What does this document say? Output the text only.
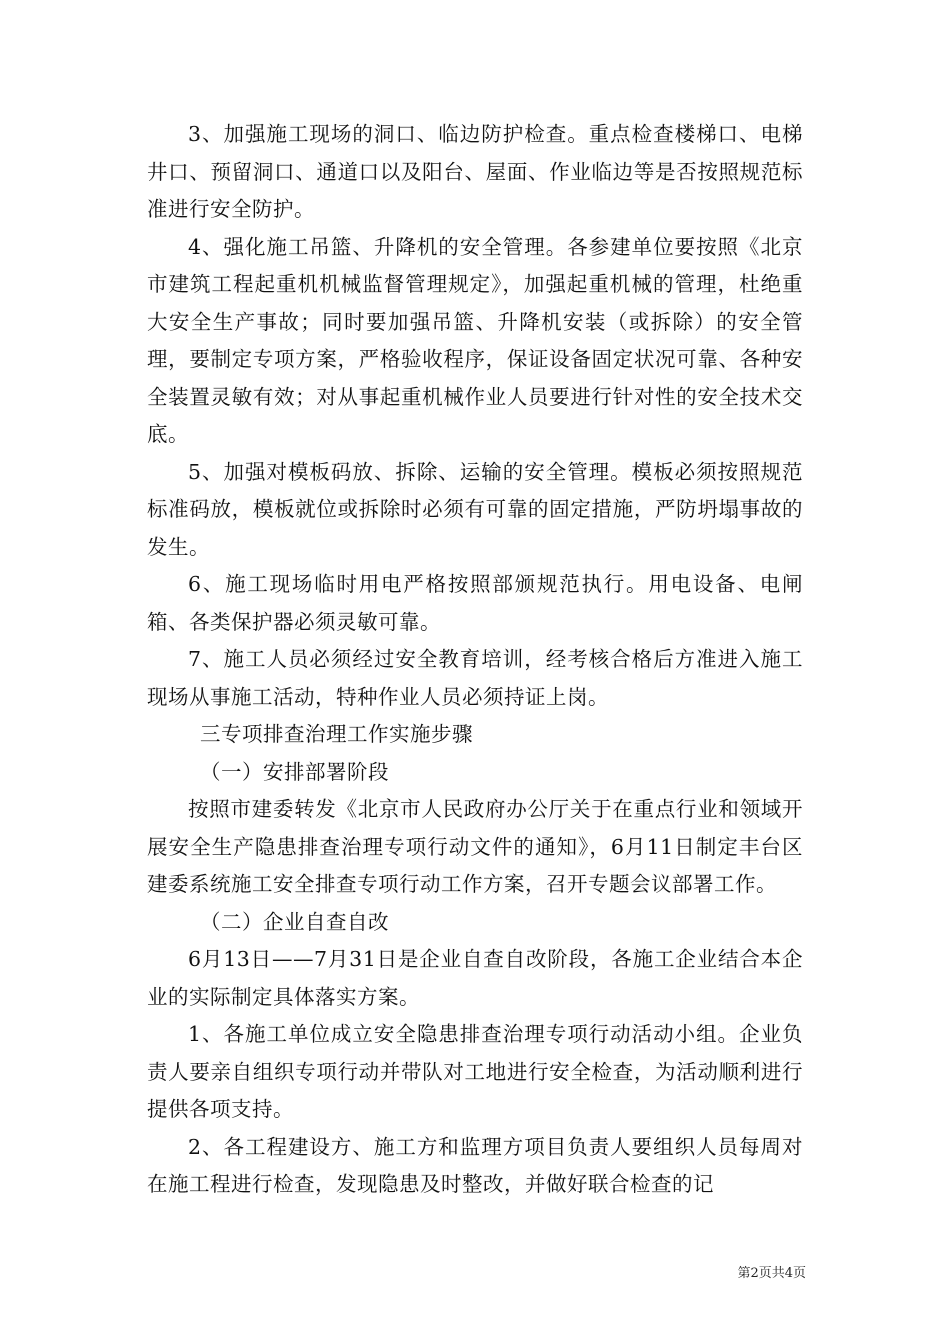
3、加强施工现场的洞口、临边防护检查。重点检查楼梯口、电梯井口、预留洞口、通道口以及阳台、屋面、作业临边等是否按照规范标准进行安全防护。

4、强化施工吊篮、升降机的安全管理。各参建单位要按照《北京市建筑工程起重机机械监督管理规定》，加强起重机械的管理，杜绝重大安全生产事故；同时要加强吊篮、升降机安装（或拆除）的安全管理，要制定专项方案，严格验收程序，保证设备固定状况可靠、各种安全装置灵敏有效；对从事起重机械作业人员要进行针对性的安全技术交底。

5、加强对模板码放、拆除、运输的安全管理。模板必须按照规范标准码放，模板就位或拆除时必须有可靠的固定措施，严防坍塌事故的发生。

6、施工现场临时用电严格按照部颁规范执行。用电设备、电闸箱、各类保护器必须灵敏可靠。

7、施工人员必须经过安全教育培训，经考核合格后方准进入施工现场从事施工活动，特种作业人员必须持证上岗。

三专项排查治理工作实施步骤

（一）安排部署阶段

按照市建委转发《北京市人民政府办公厅关于在重点行业和领域开展安全生产隐患排查治理专项行动文件的通知》，6月11日制定丰台区建委系统施工安全排查专项行动工作方案，召开专题会议部署工作。

（二）企业自查自改

6月13日——7月31日是企业自查自改阶段，各施工企业结合本企业的实际制定具体落实方案。

1、各施工单位成立安全隐患排查治理专项行动活动小组。企业负责人要亲自组织专项行动并带队对工地进行安全检查，为活动顺利进行提供各项支持。

2、各工程建设方、施工方和监理方项目负责人要组织人员每周对在施工程进行检查，发现隐患及时整改，并做好联合检查的记

第2页共4页
